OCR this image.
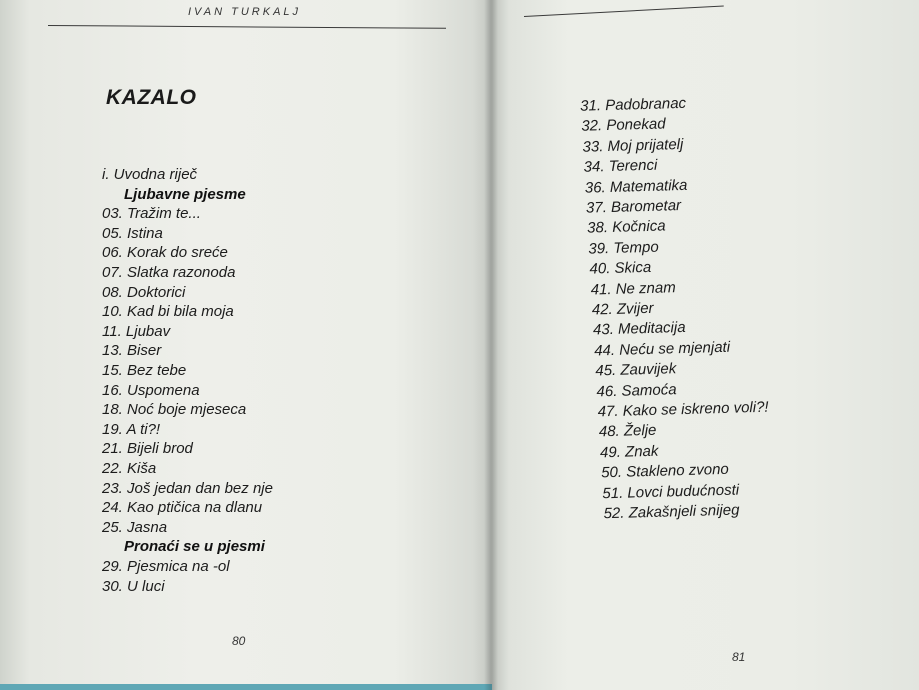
IVAN TURKALJ
KAZALO
i. Uvodna riječ
Ljubavne pjesme
03. Tražim te...
05. Istina
06. Korak do sreće
07. Slatka razonoda
08. Doktorici
10. Kad bi bila moja
11. Ljubav
13. Biser
15. Bez tebe
16. Uspomena
18. Noć boje mjeseca
19. A ti?!
21. Bijeli brod
22. Kiša
23. Još jedan dan bez nje
24. Kao ptičica na dlanu
25. Jasna
Pronaći se u pjesmi
29. Pjesmica na -ol
30. U luci
80
31. Padobranac
32. Ponekad
33. Moj prijatelj
34. Terenci
36. Matematika
37. Barometar
38. Kočnica
39. Tempo
40. Skica
41. Ne znam
42. Zvijer
43. Meditacija
44. Neću se mjenjati
45. Zauvijek
46. Samoća
47. Kako se iskreno voli?!
48. Želje
49. Znak
50. Stakleno zvono
51. Lovci budućnosti
52. Zakašnjeli snijeg
81
